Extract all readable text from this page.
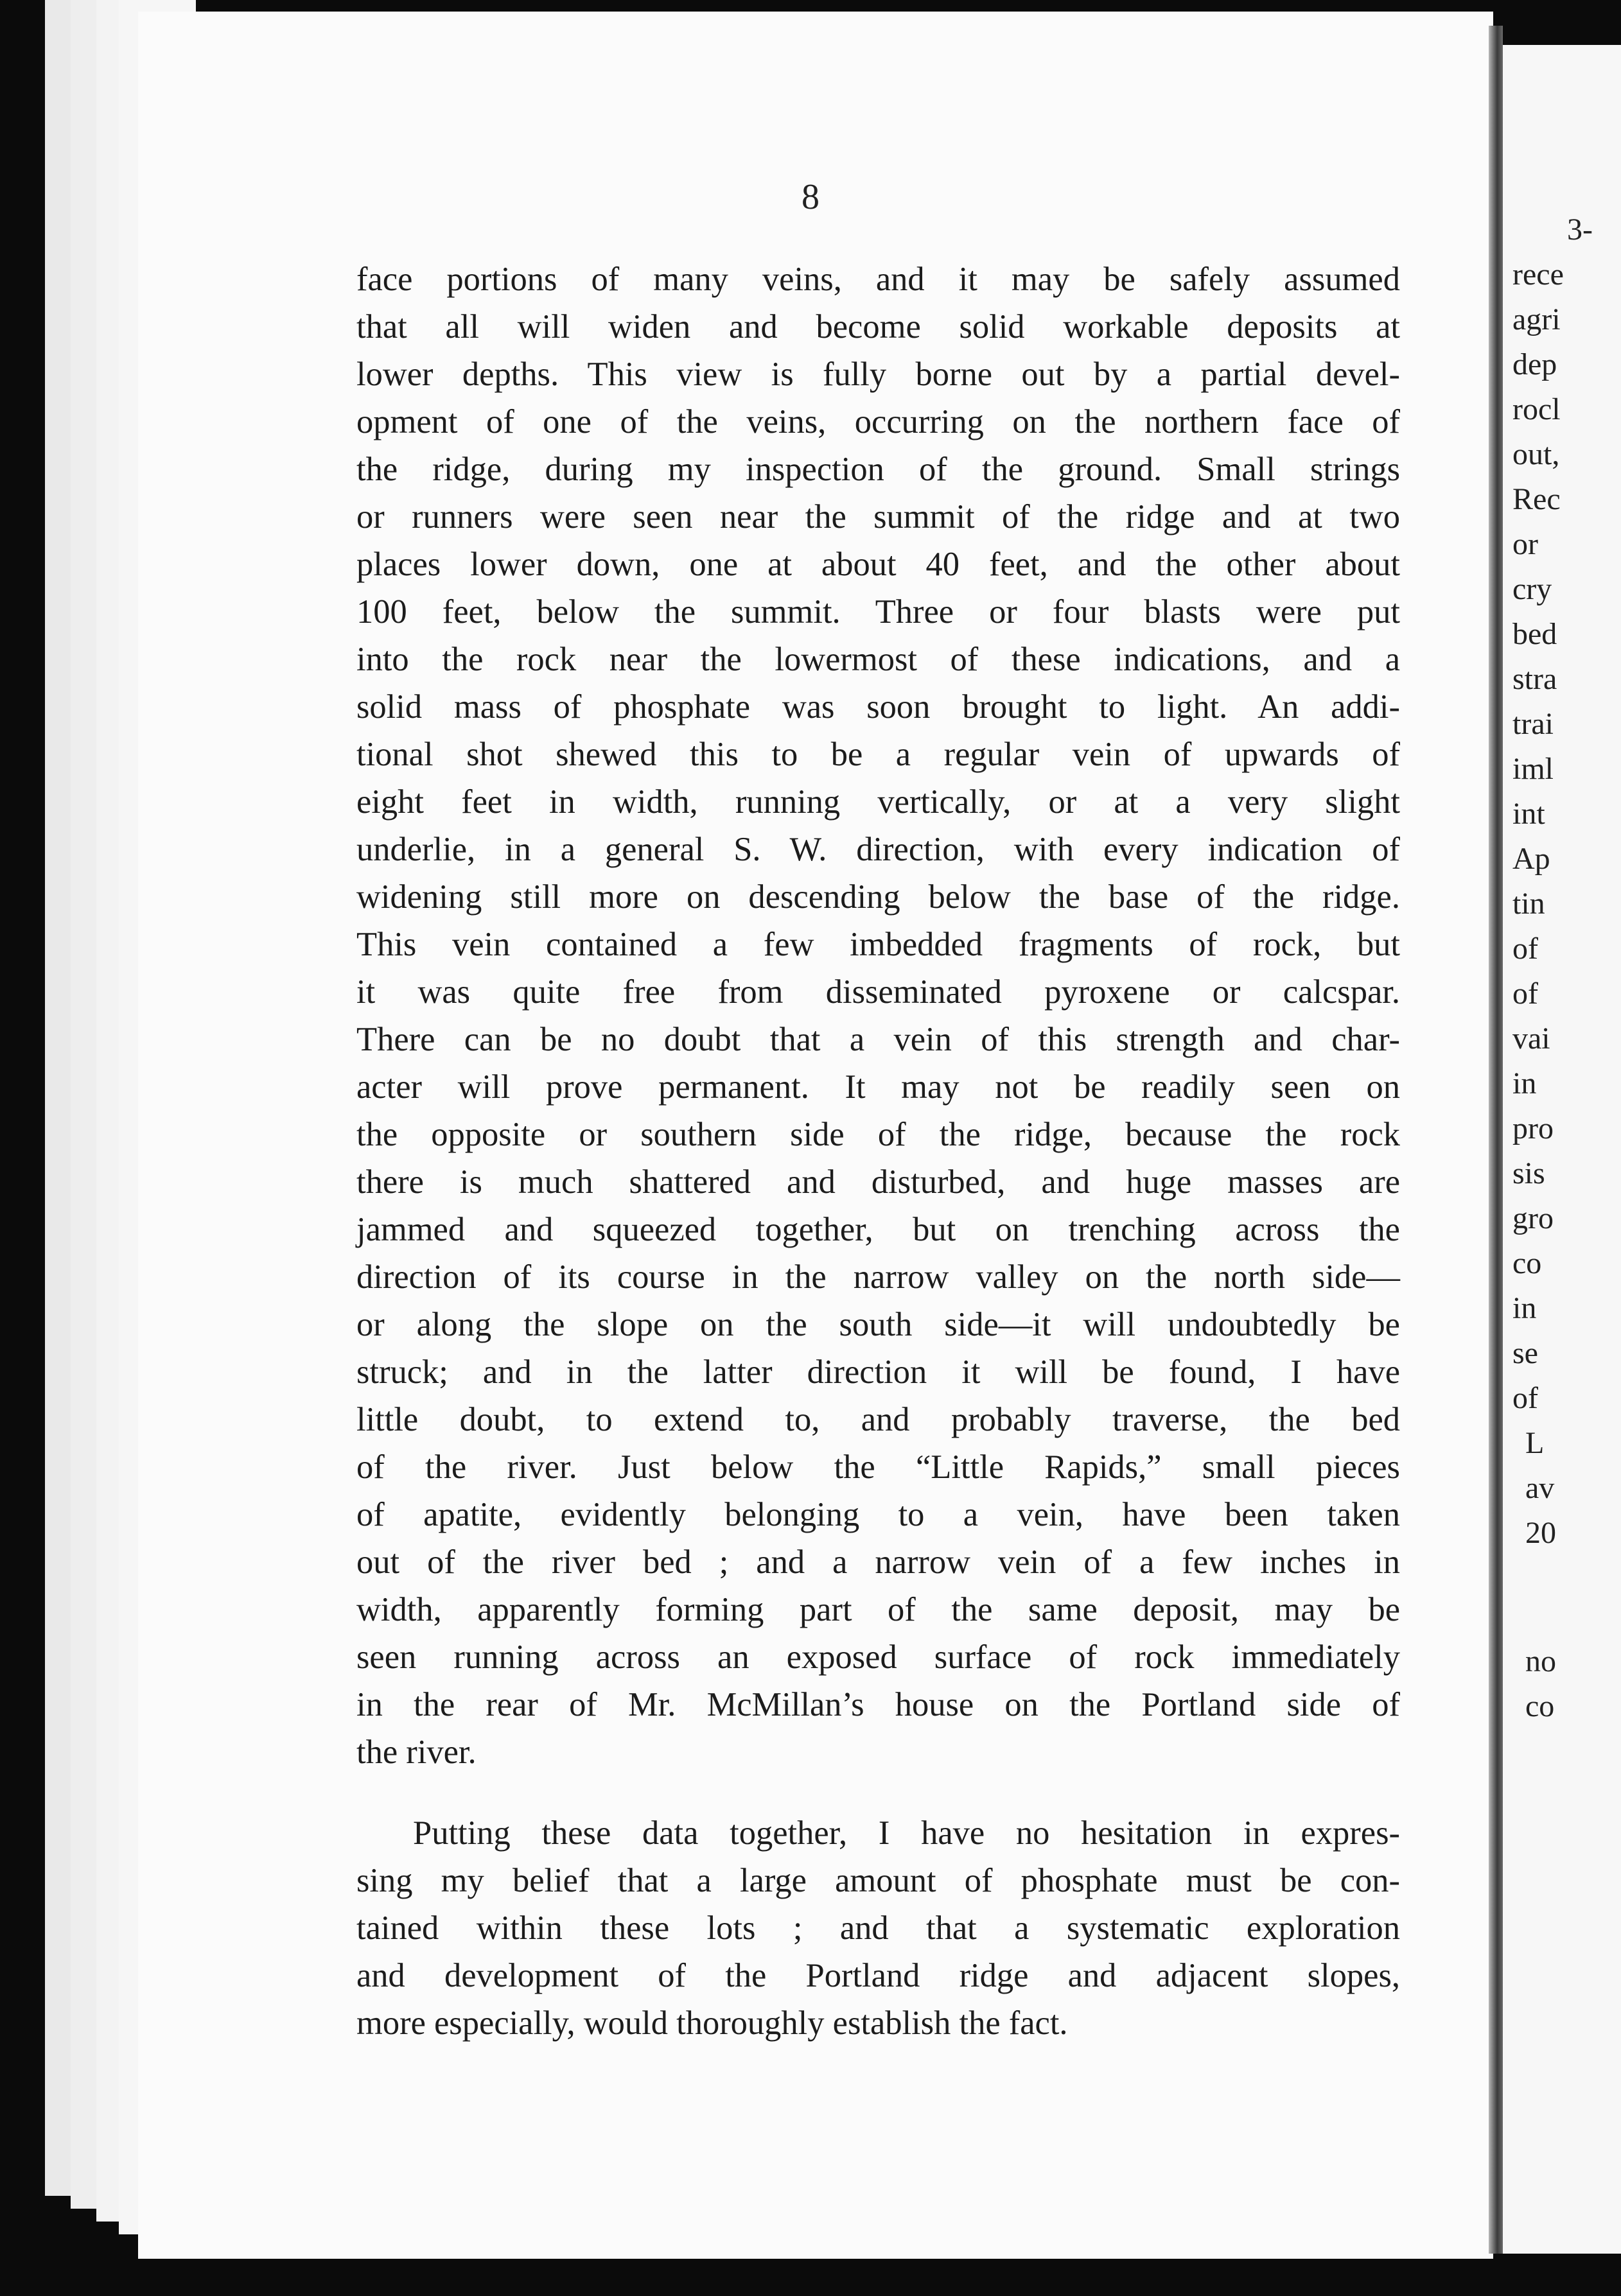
3-
rece
agri
dep
rocl
out,
Rec
or
cry
bed
stra
trai
iml
int
Ap
tin
of
of
vai
in
pro
sis
gro
co
in
se
of
L
av
20
no
co
8
face portions of many veins, and it may be safely assumed
that all will widen and become solid workable deposits at
lower depths. This view is fully borne out by a partial devel-
opment of one of the veins, occurring on the northern face of
the ridge, during my inspection of the ground. Small strings
or runners were seen near the summit of the ridge and at two
places lower down, one at about 40 feet, and the other about
100 feet, below the summit. Three or four blasts were put
into the rock near the lowermost of these indications, and a
solid mass of phosphate was soon brought to light. An addi-
tional shot shewed this to be a regular vein of upwards of
eight feet in width, running vertically, or at a very slight
underlie, in a general S. W. direction, with every indication of
widening still more on descending below the base of the ridge.
This vein contained a few imbedded fragments of rock, but
it was quite free from disseminated pyroxene or calcspar.
There can be no doubt that a vein of this strength and char-
acter will prove permanent. It may not be readily seen on
the opposite or southern side of the ridge, because the rock
there is much shattered and disturbed, and huge masses are
jammed and squeezed together, but on trenching across the
direction of its course in the narrow valley on the north side—
or along the slope on the south side—it will undoubtedly be
struck; and in the latter direction it will be found, I have
little doubt, to extend to, and probably traverse, the bed
of the river. Just below the “Little Rapids,” small pieces
of apatite, evidently belonging to a vein, have been taken
out of the river bed ; and a narrow vein of a few inches in
width, apparently forming part of the same deposit, may be
seen running across an exposed surface of rock immediately
in the rear of Mr. McMillan’s house on the Portland side of
the river.
Putting these data together, I have no hesitation in expres-
sing my belief that a large amount of phosphate must be con-
tained within these lots ; and that a systematic exploration
and development of the Portland ridge and adjacent slopes,
more especially, would thoroughly establish the fact.
